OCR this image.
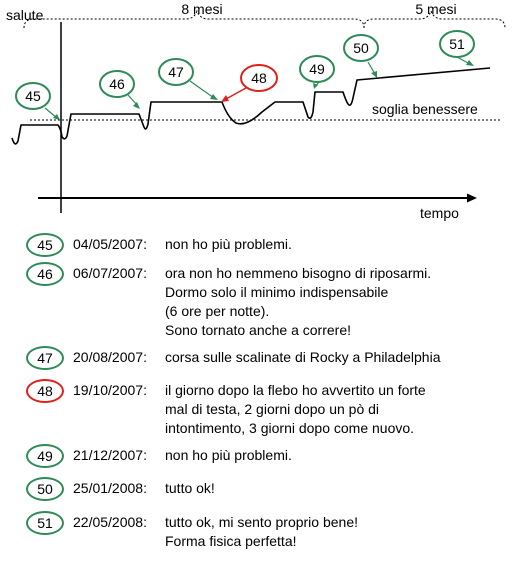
8 mesi	5 mesi
salute
tempo
soglia benessere
45
46
47	48
49
50	51
45	04/05/2007: non ho più problemi.
46	06/07/2007: ora non ho nemmeno bisogno di riposarmi.
Dormo solo il minimo indispensabile
(6 ore per notte).
Sono tornato anche a correre!
47	20/08/2007: corsa sulle scalinate di Rocky a Philadelphia
48	19/10/2007: il giorno dopo la flebo ho avvertito un forte
mal di testa, 2 giorni dopo un pò di
intontimento, 3 giorni dopo come nuovo.
49	21/12/2007: non ho più problemi.
50	25/01/2008: tutto ok!
51	22/05/2008: tutto ok, mi sento proprio bene!
Forma fisica perfetta!
